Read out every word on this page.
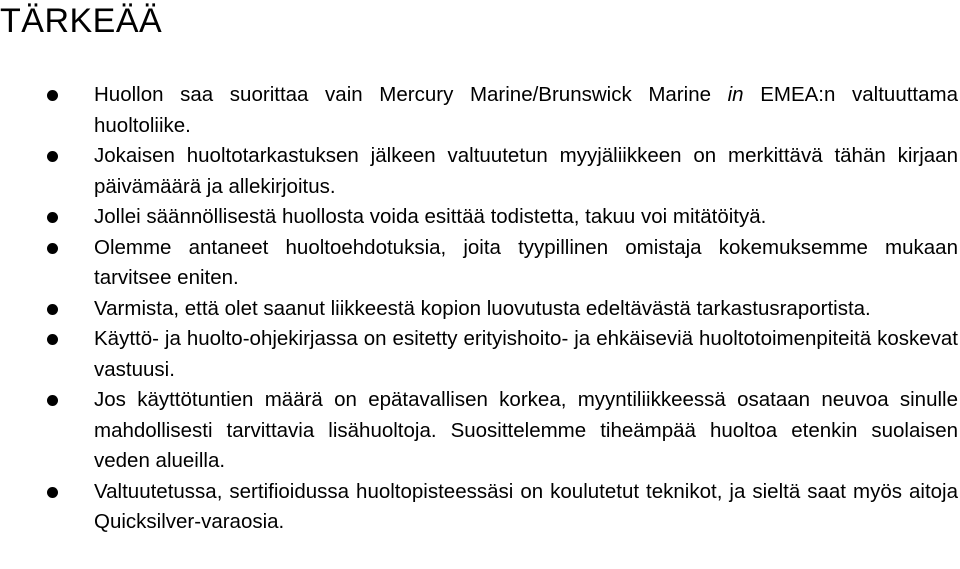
TÄRKEÄÄ
Huollon saa suorittaa vain Mercury Marine/Brunswick Marine in EMEA:n valtuuttama huoltoliike.
Jokaisen huoltotarkastuksen jälkeen valtuutetun myyjäliikkeen on merkittävä tähän kirjaan päivämäärä ja allekirjoitus.
Jollei säännöllisestä huollosta voida esittää todistetta, takuu voi mitätöityä.
Olemme antaneet huoltoehdotuksia, joita tyypillinen omistaja kokemuksemme mukaan tarvitsee eniten.
Varmista, että olet saanut liikkeestä kopion luovutusta edeltävästä tarkastusraportista.
Käyttö- ja huolto-ohjekirjassa on esitetty erityishoito- ja ehkäiseviä huoltotoimenpiteitä koskevat vastuusi.
Jos käyttötuntien määrä on epätavallisen korkea, myyntiliikkeessä osataan neuvoa sinulle mahdollisesti tarvittavia lisähuoltoja. Suosittelemme tiheämpää huoltoa etenkin suolaisen veden alueilla.
Valtuutetussa, sertifioidussa huoltopisteessäsi on koulutetut teknikot, ja sieltä saat myös aitoja Quicksilver-varaosia.
